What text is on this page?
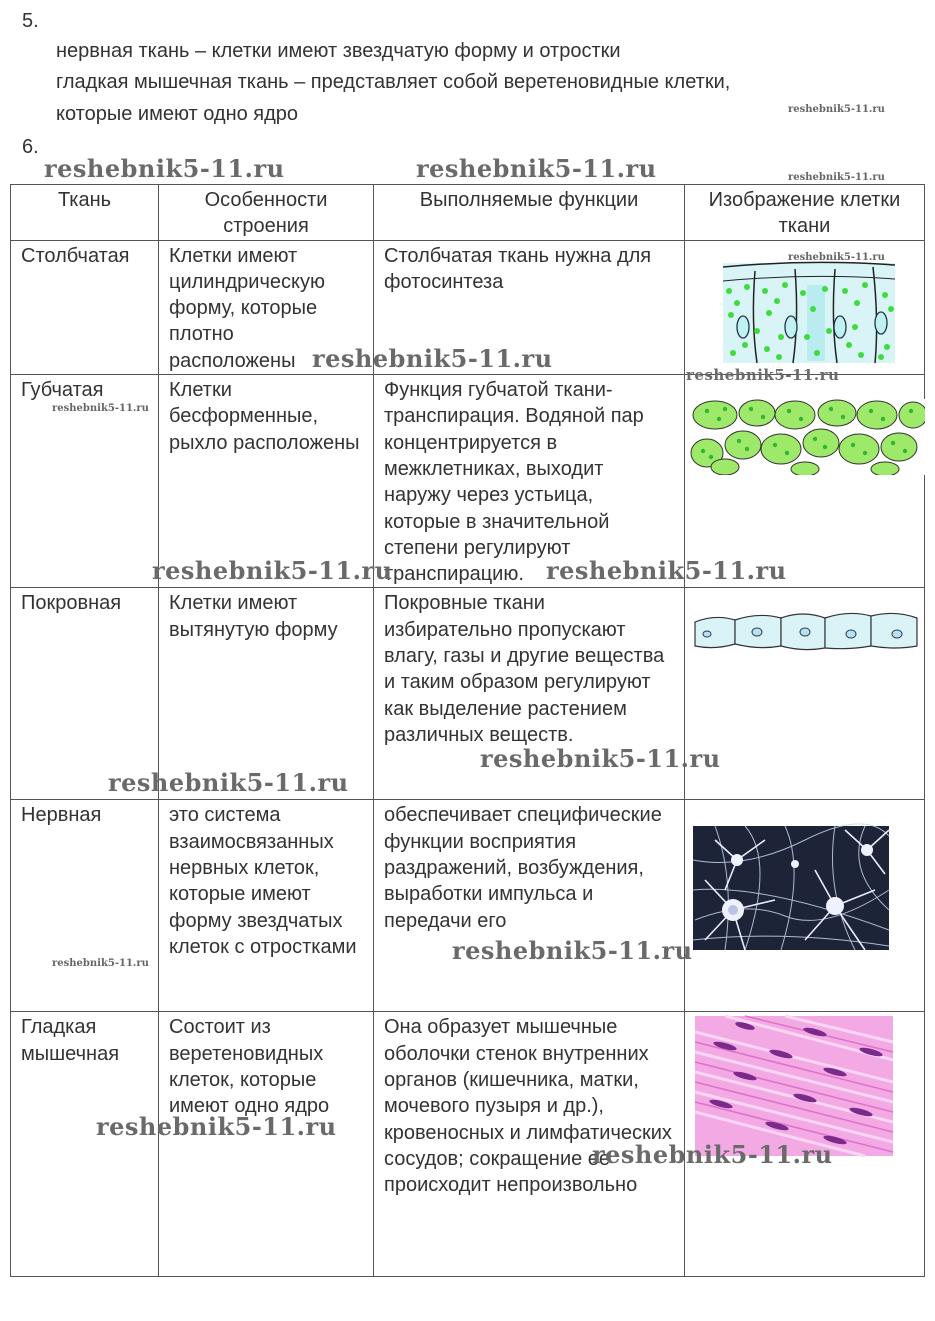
5.
нервная ткань – клетки имеют звездчатую форму и отростки
гладкая мышечная ткань – представляет собой веретеновидные клетки,
которые имеют одно ядро
6.
reshebnik5-11.ru
reshebnik5-11.ru	reshebnik5-11.ru	reshebnik5-11.ru
reshebnik5-11.ru
reshebnik5-11.ru
reshebnik5-11.ru
reshebnik5-11.ru
reshebnik5-11.ru	reshebnik5-11.ru
reshebnik5-11.ru
reshebnik5-11.ru
reshebnik5-11.ru
reshebnik5-11.ru
reshebnik5-11.ru
reshebnik5-11.ru
Ткань	Особенности строения	Выполняемые функции	Изображение клетки ткани
Столбчатая	Клетки имеют цилиндрическую форму, которые плотно расположены	Столбчатая ткань нужна для фотосинтеза	

Губчатая	Клетки бесформенные, рыхло расположены	Функция губчатой ткани- транспирация. Водяной пар концентрируется в межклетниках, выходит наружу через устьица, которые в значительной степени регулируют транспирацию.	

Покровная	Клетки имеют вытянутую форму	Покровные ткани избирательно пропускают влагу, газы и другие вещества и таким образом регулируют как выделение растением различных веществ.	

Нервная	это система взаимосвязанных нервных клеток, которые имеют форму звездчатых клеток с отростками	обеспечивает специфические функции восприятия раздражений, возбуждения, выработки импульса и передачи его	

Гладкая мышечная	Состоит из веретеновидных клеток, которые имеют одно ядро	Она образует мышечные оболочки стенок внутренних органов (кишечника, матки, мочевого пузыря и др.), кровеносных и лимфатических сосудов; сокращение ее происходит непроизвольно	
